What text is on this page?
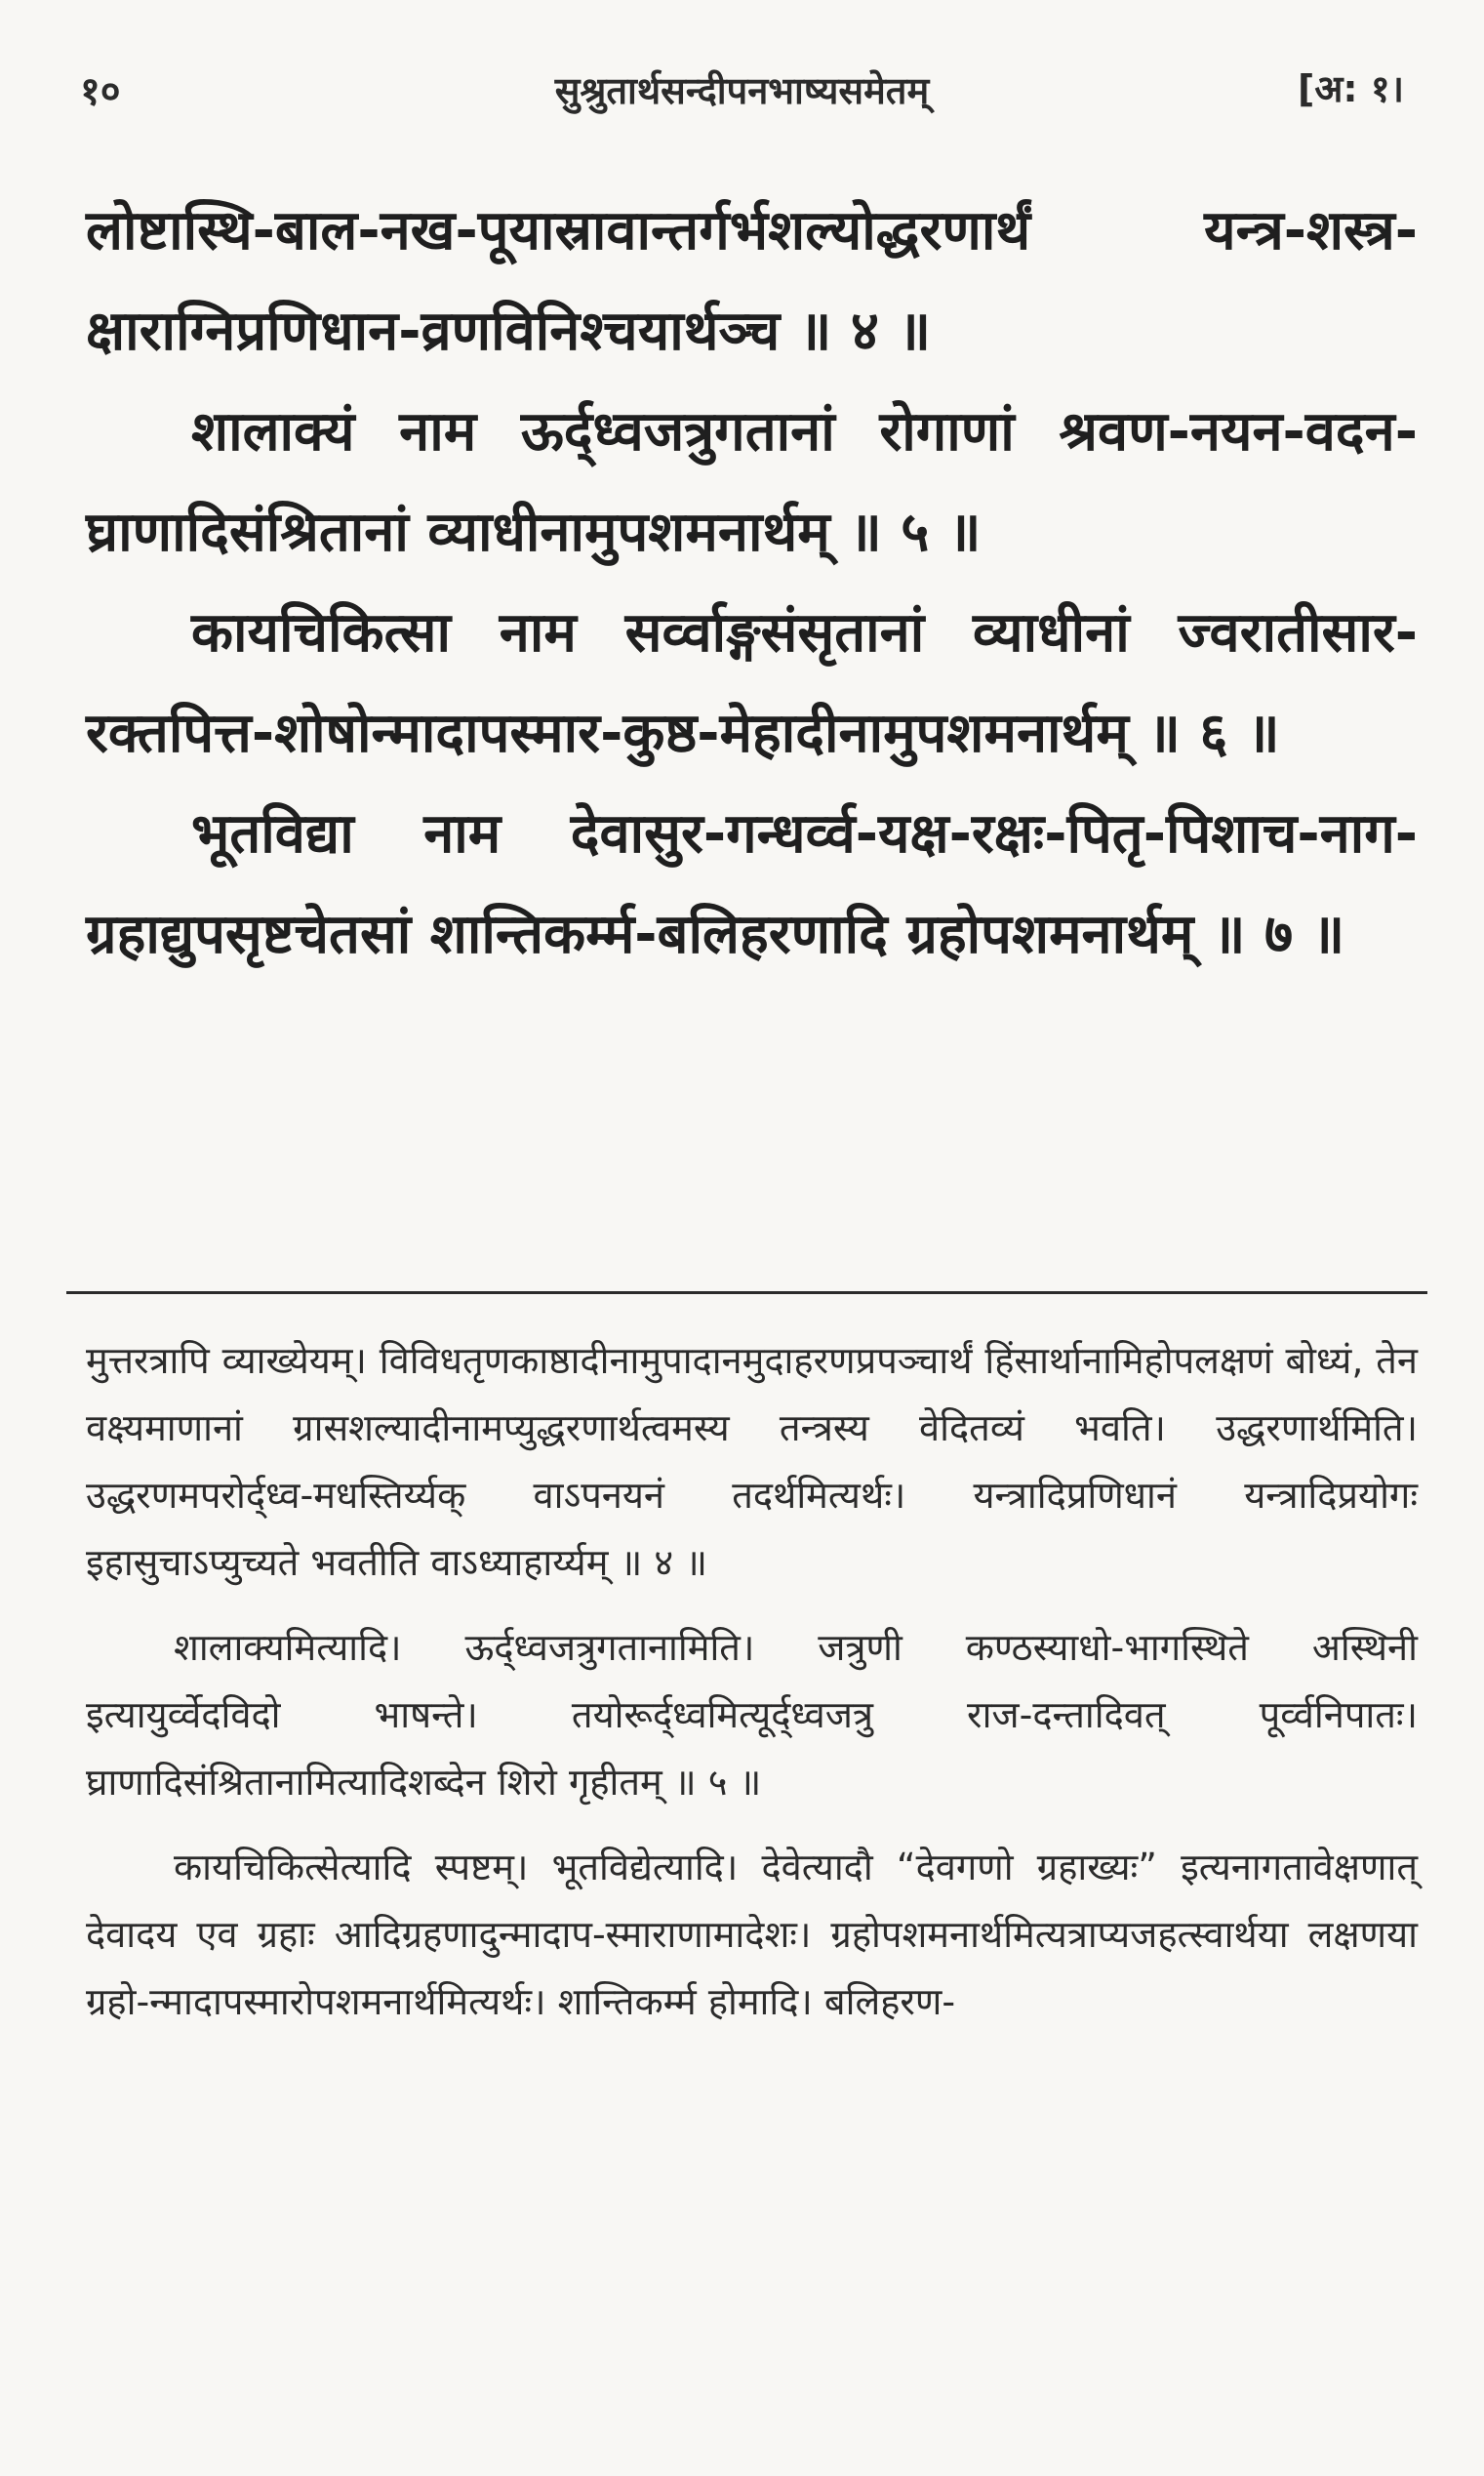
१०	सुश्रुतार्थसन्दीपनभाष्यसमेतम्	[अ: १।

लोष्टास्थि-बाल-नख-पूयास्रावान्तर्गर्भशल्योद्धरणार्थं यन्त्र-शस्त्र-क्षाराग्निप्रणिधान-व्रणविनिश्चयार्थञ्च ॥ ४ ॥

शालाक्यं नाम ऊर्द्ध्वजत्रुगतानां रोगाणां श्रवण-नयन-वदन-घ्राणादिसंश्रितानां व्याधीनामुपशमनार्थम् ॥ ५ ॥

कायचिकित्सा नाम सर्व्वाङ्गसंसृतानां व्याधीनां ज्वरातीसार-रक्तपित्त-शोषोन्मादापस्मार-कुष्ठ-मेहादीनामुपशमनार्थम् ॥ ६ ॥

भूतविद्या नाम देवासुर-गन्धर्व्व-यक्ष-रक्षः-पितृ-पिशाच-नाग-ग्रहाद्युपसृष्टचेतसां शान्तिकर्म्म-बलिहरणादि ग्रहोपशमनार्थम् ॥ ७ ॥

मुत्तरत्रापि व्याख्येयम्। विविधतृणकाष्ठादीनामुपादानमुदाहरणप्रपञ्चार्थं हिंसार्थानामिहोपलक्षणं बोध्यं, तेन वक्ष्यमाणानां ग्रासशल्यादीनामप्युद्धरणार्थत्वमस्य तन्त्रस्य वेदितव्यं भवति। उद्धरणार्थमिति। उद्धरणमपरोर्द्ध्व-मधस्तिर्य्यक् वाऽपनयनं तदर्थमित्यर्थः। यन्त्रादिप्रणिधानं यन्त्रादिप्रयोगः इहासुचाऽप्युच्यते भवतीति वाऽध्याहार्य्यम् ॥ ४ ॥

शालाक्यमित्यादि। ऊर्द्ध्वजत्रुगतानामिति। जत्रुणी कण्ठस्याधो-भागस्थिते अस्थिनी इत्यायुर्व्वेदविदो भाषन्ते। तयोरूर्द्ध्वमित्यूर्द्ध्वजत्रु राज-दन्तादिवत् पूर्व्वनिपातः। घ्राणादिसंश्रितानामित्यादिशब्देन शिरो गृहीतम् ॥ ५ ॥

कायचिकित्सेत्यादि स्पष्टम्। भूतविद्येत्यादि। देवेत्यादौ “देवगणो ग्रहाख्यः” इत्यनागतावेक्षणात् देवादय एव ग्रहाः आदिग्रहणादुन्मादाप-स्माराणामादेशः। ग्रहोपशमनार्थमित्यत्राप्यजहत्स्वार्थया लक्षणया ग्रहो-न्मादापस्मारोपशमनार्थमित्यर्थः। शान्तिकर्म्म होमादि। बलिहरण-
